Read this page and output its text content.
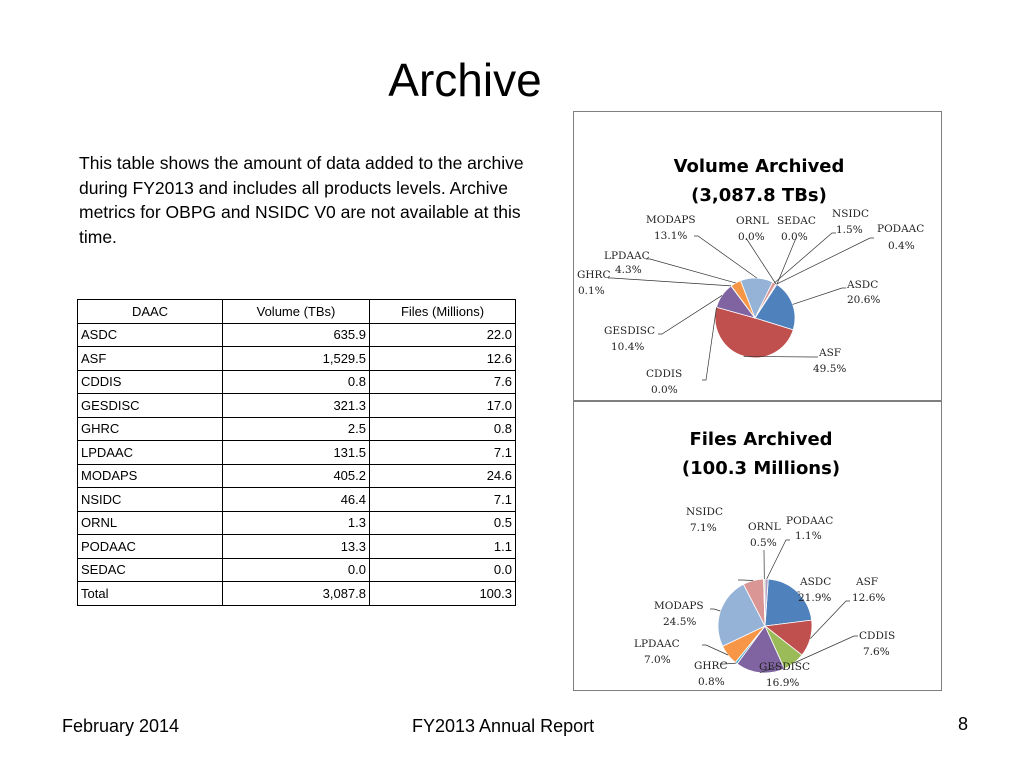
Archive
This table shows the amount of data added to the archive during FY2013 and includes all products levels. Archive metrics for OBPG and NSIDC V0 are not available at this time.
DAAC	Volume (TBs)	Files (Millions)
ASDC	635.9	22.0
ASF	1,529.5	12.6
CDDIS	0.8	7.6
GESDISC	321.3	17.0
GHRC	2.5	0.8
LPDAAC	131.5	7.1
MODAPS	405.2	24.6
NSIDC	46.4	7.1
ORNL	1.3	0.5
PODAAC	13.3	1.1
SEDAC	0.0	0.0
Total	3,087.8	100.3
Volume Archived
(3,087.8 TBs)
ASDC
20.6%
ASF
49.5%
CDDIS
0.0%
GESDISC
10.4%
GHRC
0.1%
LPDAAC
4.3%
MODAPS
13.1%
NSIDC
1.5%
ORNL
0.0%
PODAAC
0.4%
SEDAC
0.0%
Files Archived
(100.3 Millions)
ASDC
21.9%
ASF
12.6%
CDDIS
7.6%
GESDISC
16.9%
GHRC
0.8%
LPDAAC
7.0%
MODAPS
24.5%
NSIDC
7.1%	ORNL
0.5%
PODAAC
1.1%
February 2014	FY2013 Annual Report	8
